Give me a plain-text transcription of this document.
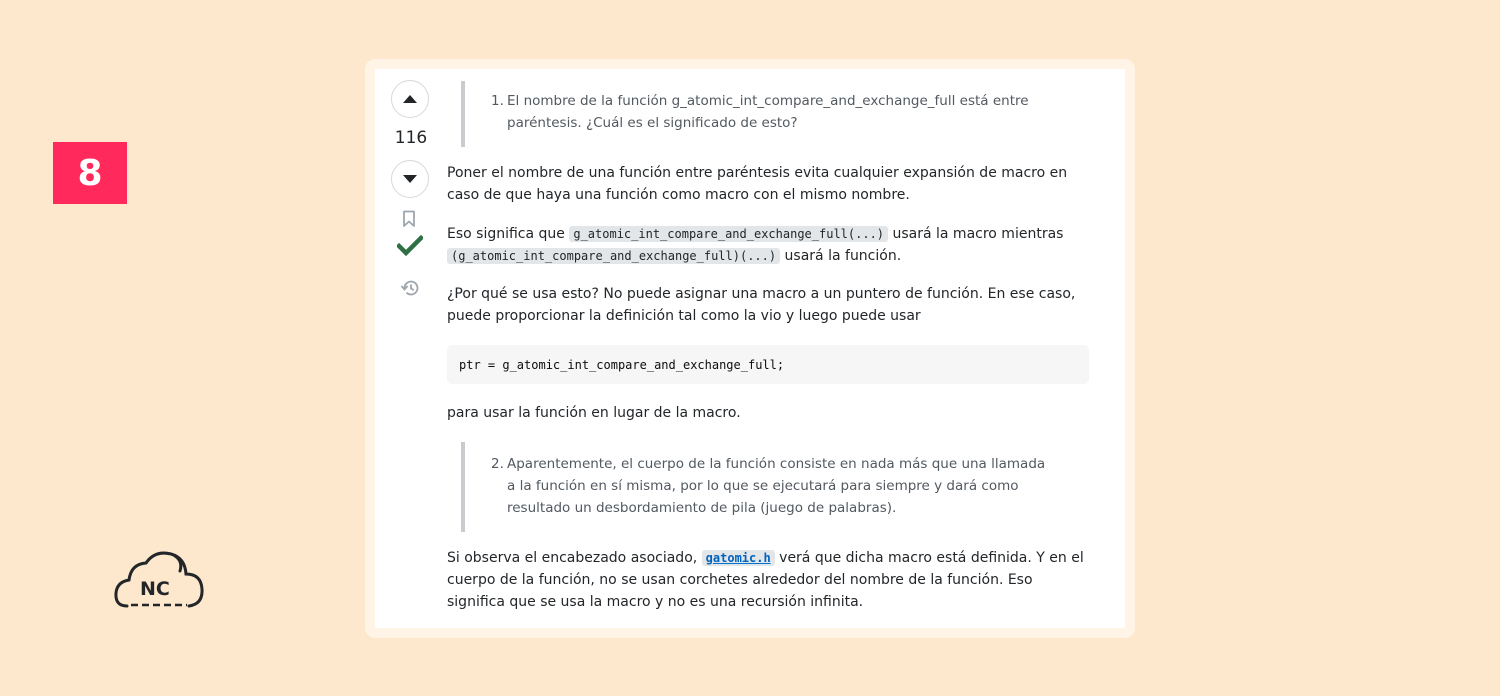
8
NC
116
1. El nombre de la función g_atomic_int_compare_and_exchange_full está entre paréntesis. ¿Cuál es el significado de esto?

Poner el nombre de una función entre paréntesis evita cualquier expansión de macro en caso de que haya una función como macro con el mismo nombre.

Eso significa que g_atomic_int_compare_and_exchange_full(...) usará la macro mientras (g_atomic_int_compare_and_exchange_full)(...) usará la función.

¿Por qué se usa esto? No puede asignar una macro a un puntero de función. En ese caso, puede proporcionar la definición tal como la vio y luego puede usar

ptr = g_atomic_int_compare_and_exchange_full;

para usar la función en lugar de la macro.

2. Aparentemente, el cuerpo de la función consiste en nada más que una llamada a la función en sí misma, por lo que se ejecutará para siempre y dará como resultado un desbordamiento de pila (juego de palabras).

Si observa el encabezado asociado, gatomic.h verá que dicha macro está definida. Y en el cuerpo de la función, no se usan corchetes alrededor del nombre de la función. Eso significa que se usa la macro y no es una recursión infinita.
